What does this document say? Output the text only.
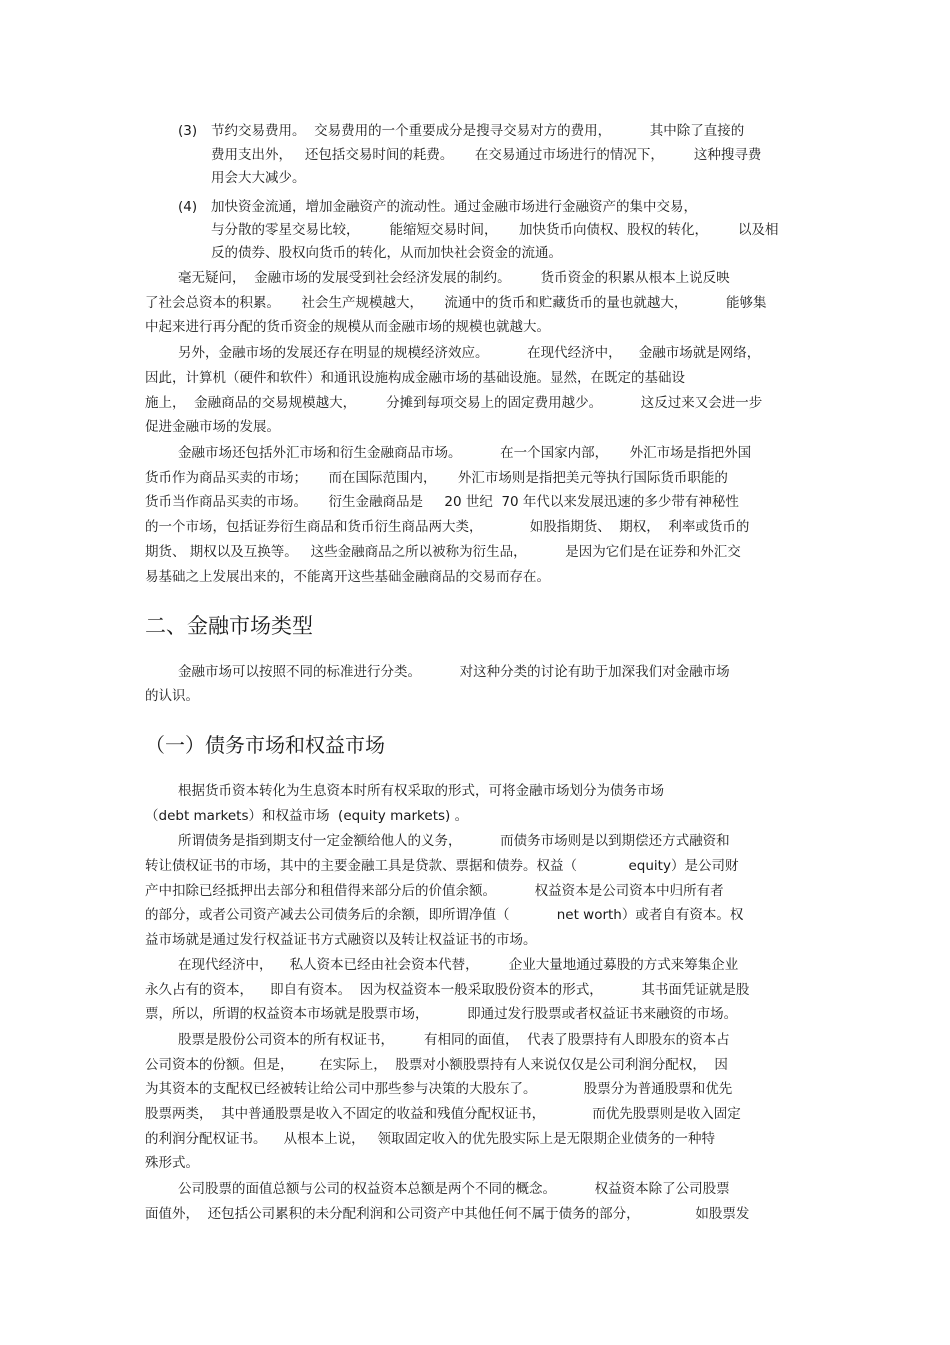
(3) 节约交易费用。  交易费用的一个重要成分是搜寻交易对方的费用，         其中除了直接的
费用支出外，   还包括交易时间的耗费。     在交易通过市场进行的情况下，       这种搜寻费
用会大大减少。
(4) 加快资金流通，增加金融资产的流动性。通过金融市场进行金融资产的集中交易，
与分散的零星交易比较，       能缩短交易时间，     加快货币向债权、股权的转化，       以及相
反的债券、股权向货币的转化，从而加快社会资金的流通。
毫无疑问，  金融市场的发展受到社会经济发展的制约。       货币资金的积累从根本上说反映
了社会总资本的积累。     社会生产规模越大，     流通中的货币和贮藏货币的量也就越大，         能够集
中起来进行再分配的货币资金的规模从而金融市场的规模也就越大。
另外，金融市场的发展还存在明显的规模经济效应。         在现代经济中，    金融市场就是网络，
因此，计算机（硬件和软件）和通讯设施构成金融市场的基础设施。显然，在既定的基础设
施上，  金融商品的交易规模越大，       分摊到每项交易上的固定费用越少。         这反过来又会进一步
促进金融市场的发展。
金融市场还包括外汇市场和衍生金融商品市场。         在一个国家内部，     外汇市场是指把外国
货币作为商品买卖的市场；     而在国际范围内，     外汇市场则是指把美元等执行国际货币职能的
货币当作商品买卖的市场。     衍生金融商品是     20 世纪  70 年代以来发展迅速的多少带有神秘性
的一个市场，包括证券衍生商品和货币衍生商品两大类，           如股指期货、  期权，  利率或货币的
期货、 期权以及互换等。   这些金融商品之所以被称为衍生品，         是因为它们是在证券和外汇交
易基础之上发展出来的，不能离开这些基础金融商品的交易而存在。
二、金融市场类型
金融市场可以按照不同的标准进行分类。         对这种分类的讨论有助于加深我们对金融市场
的认识。
（一）债务市场和权益市场
根据货币资本转化为生息资本时所有权采取的形式，可将金融市场划分为债务市场
（debt markets）和权益市场  (equity markets) 。
所谓债务是指到期支付一定金额给他人的义务，         而债务市场则是以到期偿还方式融资和
转让债权证书的市场，其中的主要金融工具是贷款、票据和债券。权益（            equity）是公司财
产中扣除已经抵押出去部分和租借得来部分后的价值余额。         权益资本是公司资本中归所有者
的部分，或者公司资产减去公司债务后的余额，即所谓净值（           net worth）或者自有资本。权
益市场就是通过发行权益证书方式融资以及转让权益证书的市场。
在现代经济中，    私人资本已经由社会资本代替，       企业大量地通过募股的方式来筹集企业
永久占有的资本，    即自有资本。  因为权益资本一般采取股份资本的形式，         其书面凭证就是股
票，所以，所谓的权益资本市场就是股票市场，         即通过发行股票或者权益证书来融资的市场。
股票是股份公司资本的所有权证书，       有相同的面值，  代表了股票持有人即股东的资本占
公司资本的份额。但是，      在实际上，  股票对小额股票持有人来说仅仅是公司利润分配权，  因
为其资本的支配权已经被转让给公司中那些参与决策的大股东了。           股票分为普通股票和优先
股票两类，  其中普通股票是收入不固定的收益和残值分配权证书，           而优先股票则是收入固定
的利润分配权证书。    从根本上说，   领取固定收入的优先股实际上是无限期企业债务的一种特
殊形式。
公司股票的面值总额与公司的权益资本总额是两个不同的概念。         权益资本除了公司股票
面值外，  还包括公司累积的未分配利润和公司资产中其他任何不属于债务的部分，             如股票发
